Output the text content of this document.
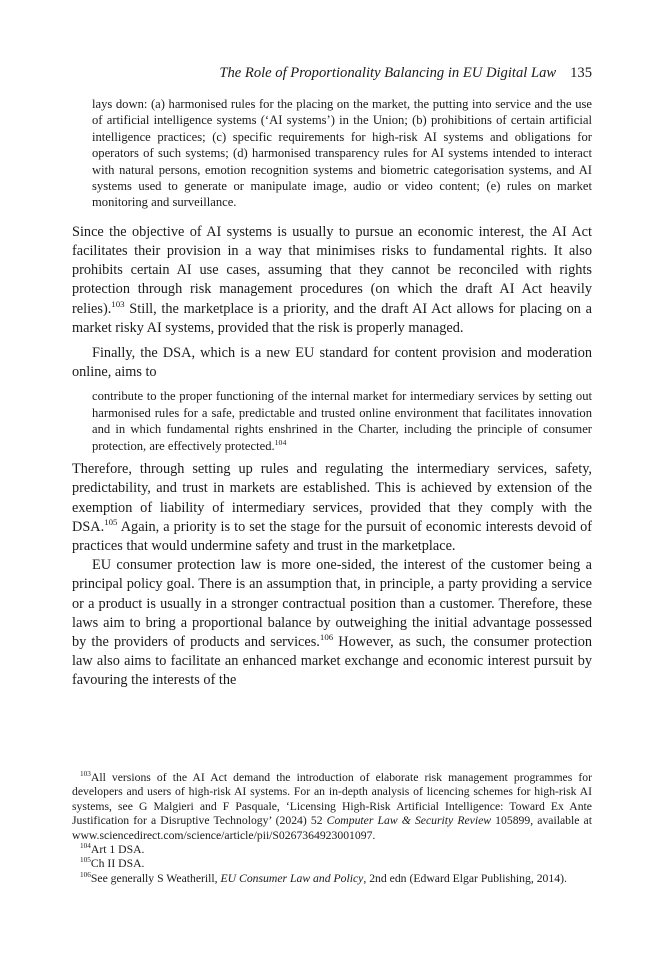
The Role of Proportionality Balancing in EU Digital Law 135

lays down: (a) harmonised rules for the placing on the market, the putting into service and the use of artificial intelligence systems (‘AI systems’) in the Union; (b) prohibitions of certain artificial intelligence practices; (c) specific requirements for high-risk AI systems and obligations for operators of such systems; (d) harmonised transparency rules for AI systems intended to interact with natural persons, emotion recognition systems and biometric categorisation systems, and AI systems used to generate or manipulate image, audio or video content; (e) rules on market monitoring and surveillance.

Since the objective of AI systems is usually to pursue an economic interest, the AI Act facilitates their provision in a way that minimises risks to fundamental rights. It also prohibits certain AI use cases, assuming that they cannot be reconciled with rights protection through risk management procedures (on which the draft AI Act heavily relies).$^{103}$ Still, the marketplace is a priority, and the draft AI Act allows for placing on a market risky AI systems, provided that the risk is properly managed.

Finally, the DSA, which is a new EU standard for content provision and moderation online, aims to

contribute to the proper functioning of the internal market for intermediary services by setting out harmonised rules for a safe, predictable and trusted online environment that facilitates innovation and in which fundamental rights enshrined in the Charter, including the principle of consumer protection, are effectively protected.$^{104}$

Therefore, through setting up rules and regulating the intermediary services, safety, predictability, and trust in markets are established. This is achieved by extension of the exemption of liability of intermediary services, provided that they comply with the DSA.$^{105}$ Again, a priority is to set the stage for the pursuit of economic interests devoid of practices that would undermine safety and trust in the marketplace.

EU consumer protection law is more one-sided, the interest of the customer being a principal policy goal. There is an assumption that, in principle, a party providing a service or a product is usually in a stronger contractual position than a customer. Therefore, these laws aim to bring a proportional balance by outweighing the initial advantage possessed by the providers of products and services.$^{106}$ However, as such, the consumer protection law also aims to facilitate an enhanced market exchange and economic interest pursuit by favouring the interests of the

$^{103}$All versions of the AI Act demand the introduction of elaborate risk management programmes for developers and users of high-risk AI systems. For an in-depth analysis of licencing schemes for high-risk AI systems, see G Malgieri and F Pasquale, ‘Licensing High-Risk Artificial Intelligence: Toward Ex Ante Justification for a Disruptive Technology’ (2024) 52 Computer Law & Security Review 105899, available at www.sciencedirect.com/science/article/pii/S0267364923001097.

$^{104}$Art 1 DSA.

$^{105}$Ch II DSA.

$^{106}$See generally S Weatherill, EU Consumer Law and Policy, 2nd edn (Edward Elgar Publishing, 2014).
